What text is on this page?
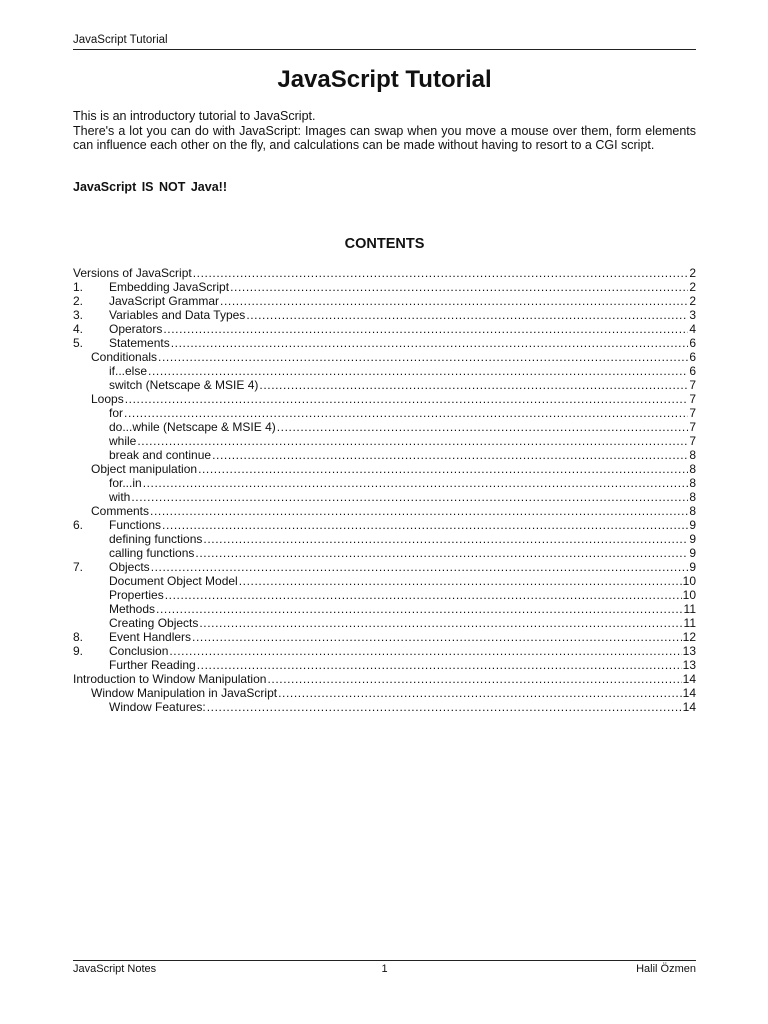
JavaScript Tutorial
JavaScript Tutorial

This is an introductory tutorial to JavaScript.

There's a lot you can do with JavaScript: Images can swap when you move a mouse over them, form elements can influence each other on the fly, and calculations can be made without having to resort to a CGI script.

JavaScript IS NOT Java!!
CONTENTS
Versions of JavaScript .....	2
1.	Embedding JavaScript .....	2
2.	JavaScript Grammar .....	2
3.	Variables and Data Types .....	3
4.	Operators .....	4
5.	Statements .....	6
Conditionals .....	6
if...else .....	6
switch (Netscape & MSIE 4) .....	7
Loops .....	7
for .....	7
do...while (Netscape & MSIE 4) .....	7
while .....	7
break and continue .....	8
Object manipulation .....	8
for...in .....	8
with .....	8
Comments .....	8
6.	Functions .....	9
defining functions .....	9
calling functions .....	9
7.	Objects .....	9
Document Object Model .....	10
Properties .....	10
Methods .....	11
Creating Objects .....	11
8.	Event Handlers .....	12
9.	Conclusion .....	13
Further Reading .....	13
Introduction to Window Manipulation .....	14
Window Manipulation in JavaScript .....	14
Window Features: .....	14
JavaScript Notes	1	Halil Özmen
